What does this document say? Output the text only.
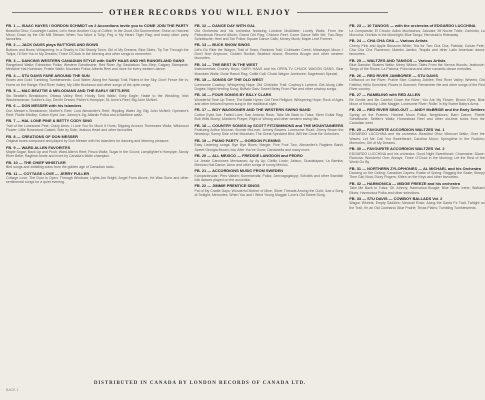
OTHER RECORDS YOU WILL ENJOY
FB. 1 — ISAAC HAYES / GORDON SCHMIDT on 2 Accordions invite you to COME JOIN THE PARTY
Beautiful Ohio; Goodnight Ladies; Let's Have Another Cup of Coffee; In the Good Old Summertime; Shine on Harvest Moon; Down by the Old Mill Stream; When You Wore a Tulip; Peg o' My Heart; Tiger Rag; and many other party favourites.
FB. 2 — JACK DAVIS plays BUTTONS AND BOWS
Buttons and Bows; Whispering; In a Shanty in Old Shanty Town; Girl of My Dreams; Blue Skies; Tip Toe Through the Tulips; I'll See You in My Dreams; Three O'Clock in the Morning and other songs to remember.
FB. 3 — DANCING WESTERN CANADIAN STYLE with GARY HAAS AND HIS RANGELAND GANG
Rangeland Waltz; Edmonton Polka; Western Schottische; Red River Jig; Saskatoon Two-Step; Calgary Stampede; Medicine Hat Hoedown; Prairie Waltz; Mountain Polka; Alberta Reel and more for every western dance.
FB. 4 — STU DAVIS FARE AROUND THE SUN
Roses and Gold; Tumbling Tumbleweeds; Cool Water; Along the Navajo Trail; Riders in the Sky; Don't Fence Me In; Home on the Range; Red River Valley; My Little Buckaroo and other songs of the open range.
FB. 5 — MAC BEATTIE & MELODIANS AND THE EARLY SETTLERS
Stu Beattie's Breakdown; Ottawa Valley Reel; Honky Tonk Waltz; Grey Eagle; Haste to the Wedding; Irish Washerwoman; Soldier's Joy; Devil's Dream; Fisher's Hornpipe; St. Anne's Reel; Big John McNeil.
FB. 6 — DON MESSER with his Islanders
Don Messer's Breakdown; Mother's Reel; Lord Alexander's Reel; Rippling Water Jig; Big John McNeil; Operator's Reel; Fiddle Medley; Cotton Eyed Joe; Johnny's Jig; Atlantic Polka and a Maritime waltz.
FB. 7 — HAL LONE PINE & BETTY CODY SING
Trail of the Lonesome Pine; Crazy Arms; I Love You So Much It Hurts; Slipping Around; Tennessee Waltz; Wildwood Flower; Little Rosewood Casket; Side by Side; Jealous Heart and other favourites.
FB. 8 — CREATIONS OF DON MESSER
Original tunes composed and played by Don Messer with his Islanders for dancing and listening pleasure.
FB. 9 — WARD ALLEN FAVORITES
Maple Sugar; Back Up and Push; Ward Allen's Reel; Frisco Waltz; Sugar in the Gourd; Lamplighter's Hornpipe; Sandy River Belle; Ragtime Annie and more by Canada's fiddle champion.
FB. 10 — THE CHIEF WHISTLER
Bird songs and whistling solos from the golden age of Canadian radio.
FB. 11 — COTTAGE LOVE — JERRY FULLER
Cottage Love; The Door is Open; Through Windows; Lights Are Bright; Angel From Above; He Was Gone and other sentimental songs for a quiet evening.
FB. 12 — DANCE DAY WITH GAL
Old Orchestra and his orchestra featuring Lorraine McAllister; Lovely Waltz; From the Picturebook Record Album; Grand Old Flag; Chicken Reel; Come Dance With Me; Two-Step; Schottische; Heel and Toe Polka; Square Dance Calls; Money Musk; Maple Leaf Forever.
FB. 13 — BUCK SNOW SINGS
Let's Go Ride the Wagon; Trail of Tears; Rainbow Trail; Coldwater Creek; Mississippi Moon; I Don't Hurt Anymore; Golden Rocket; Bluebird Island; Rhumba Boogie and other western favourites.
FB. 14 — THE BEST IN THE WEST
Instrumentals Country Boys; GARY HAAS and his OPEN-TV CHUCK WAGON GANG. Blue Mountain Waltz; Dude Ranch Rag; Cattle Call; Chuck Wagon Jamboree; Sagebrush Special.
FB. 15 — SONGS OF THE OLD WEST
Lonesome Cowboy; Whispering Hope; Old Chisholm Trail; Cowboy's Lament; Get Along Little Dogies; Night Herding Song; Buffalo Gals; Sweet Betsy From Pike and other cowboy songs.
FB. 16 — FOUR SONGS BY BILLY CLARK
Wonderful Time Up There; The Battle Hymn; Old Time Religion; Whispering Hope; Rock of Ages and other beloved hymns sung in the traditional style.
FB. 17 — BOY WAGGONER AND THE WESTERN SWING BAND
Cotton Eyed Joe; Faded Love; San Antonio Rose; Take Me Back to Tulsa; Steel Guitar Rag; Bob Wills Stomp; Maiden's Prayer; Right or Wrong and other western swing hits.
FB. 18 — COUNTRY SONGS by SCOTT FITZSIMMONS and THE MOUNTAINEERS
Featuring Arthur McLean; Bonnie McLean; Johnny Bowers. Lonesome Road; Jimmy Brown the Newsboy; Sunny Side of the Mountain; The Great Speckled Bird; Will the Circle Be Unbroken.
FB. 19 — PIANO PARTY — GORDON FLEMING
Easy Listening songs: Bye Bye Blues; Margie; Five Foot Two; Alexander's Ragtime Band; Sweet Georgia Brown; Ida; After You've Gone; Dardanella and many more.
FB. 20 — ALL MEXICO — FREDDIE LANGDON and PEDRO
La Jessie Canciones Mexicanas; Ay Ay Ay; Cielito Lindo; Jalisco; Guadalajara; La Bamba; Mexican Hat Dance; Amor and other songs of sunny Mexico.
FB. 21 — ACCORDIONS MUSIC FROM SWEDEN
Kumpanbrudar; Pers Valsen; Sommarvals; Polka; Jarnvagsgalopp; Schottis and other Swedish folk dances played on the accordion.
FB. 22 — JIMMIE PRENTICE SINGS
Pal of My Cradle Days; Wonderful Mother of Mine; Silver Threads Among the Gold; Just a Song at Twilight; Memories; When You and I Were Young Maggie; Love's Old Sweet Song.
FB. 23 — 10 TANGOS — with the orchestra of EDGARDO LUCCHINA
La Cumparsita; El Choclo; Adios Muchachos; Jalousie; Mi Noche Triste; Caminito; La Morocha; Orchids in the Moonlight; Blue Tango; Hernando's Hideaway.
FB. 24 — CHA CHA CHA — Various Artists
Cherry Pink and Apple Blossom White; Tea for Two Cha Cha; Patricia; Cuban Pete; Cha Cha Cha Flamenco; Mambo Jambo; Tequila and other Latin American dance favourites.
FB. 25 — WALTZES AND TANGOS — Various Artists
Blue Danube; Skaters Waltz; Merry Widow; Tales From the Vienna Woods; Jealousie; Tango of the Roses; La Paloma; Poinciana and other romantic dance melodies.
FB. 26 — RED RIVER JAMBOREE — STU DAVIS
Driftwood on the River; Prairie Star; Cowboy Jubilee; Red River Valley; Wheels; Old Faithful; Hello Sunshine; Roses in Summer; Remember Me and other songs of the Red River country.
FB. 27 — RAMBLING with RED ALLEN
Be Gentle and Be Careful; Down the River; You Are My Flower; Brown Eyes; Blue Moon of Kentucky; Little Maggie; Lonesome River; Rollin' in My Sweet Baby's Arms.
FB. 28 — RED RIVER SING-OUT — ANDY McBRIDE and the Early Settlers
Spring on the Prairies; Harvest Moon Polka; Neighbours; Barn Dance; Prairie Schottische; Settler's Waltz; Homestead Reel and other old-time tunes from the Canadian west.
FB. 29 — FAVOURITE ACCORDION WALTZES Vol. 1
EDGARDO LUCCHINA and his orchestra. Beautiful Ohio; Missouri Waltz; Over the Waves; Let Me Call You Sweetheart; Carolina Moon; Springtime in the Rockies; Memories; Girl of My Dreams.
FB. 30 — FAVOURITE ACCORDION WALTZES Vol. 2
EDGARDO LUCCHINA and his orchestra. Good Night Sweetheart; Charmaine; Diane; Ramona; Wonderful One; Always; Three O'Clock in the Morning; Let the Rest of the World Go By.
FB. 31 — NORTHERN ZYLOPHONES — AL MICHAEL and his Orchestra
Dancing on the Ceiling; Canadian Capers; Rustle of Spring; Ragging the Scale; Sleepy Time Gal; Nola; Dizzy Fingers; Kitten on the Keys and other favourites.
FB. 32 — HARMONICA — MIDGE FREEZE and his orchestra
Take Me Back to Tulsa; Oh Johnny; Harmonica Boogie; Blue Skies; Irene; Wabash Blues; Harmonica Polka and other selections.
FB. 33 — STU DAVIS — COWBOY BALLADS Vol. 2
Wagon Wheels; Empty Saddles; Mexicali Rose; Along the Santa Fe Trail; Twilight on the Trail; I'm an Old Cowhand; Blue Prairie; Texas Plains; Tumbling Tumbleweeds.
DISTRIBUTED IN CANADA BY LONDON RECORDS OF CANADA LTD.
BACK 1
